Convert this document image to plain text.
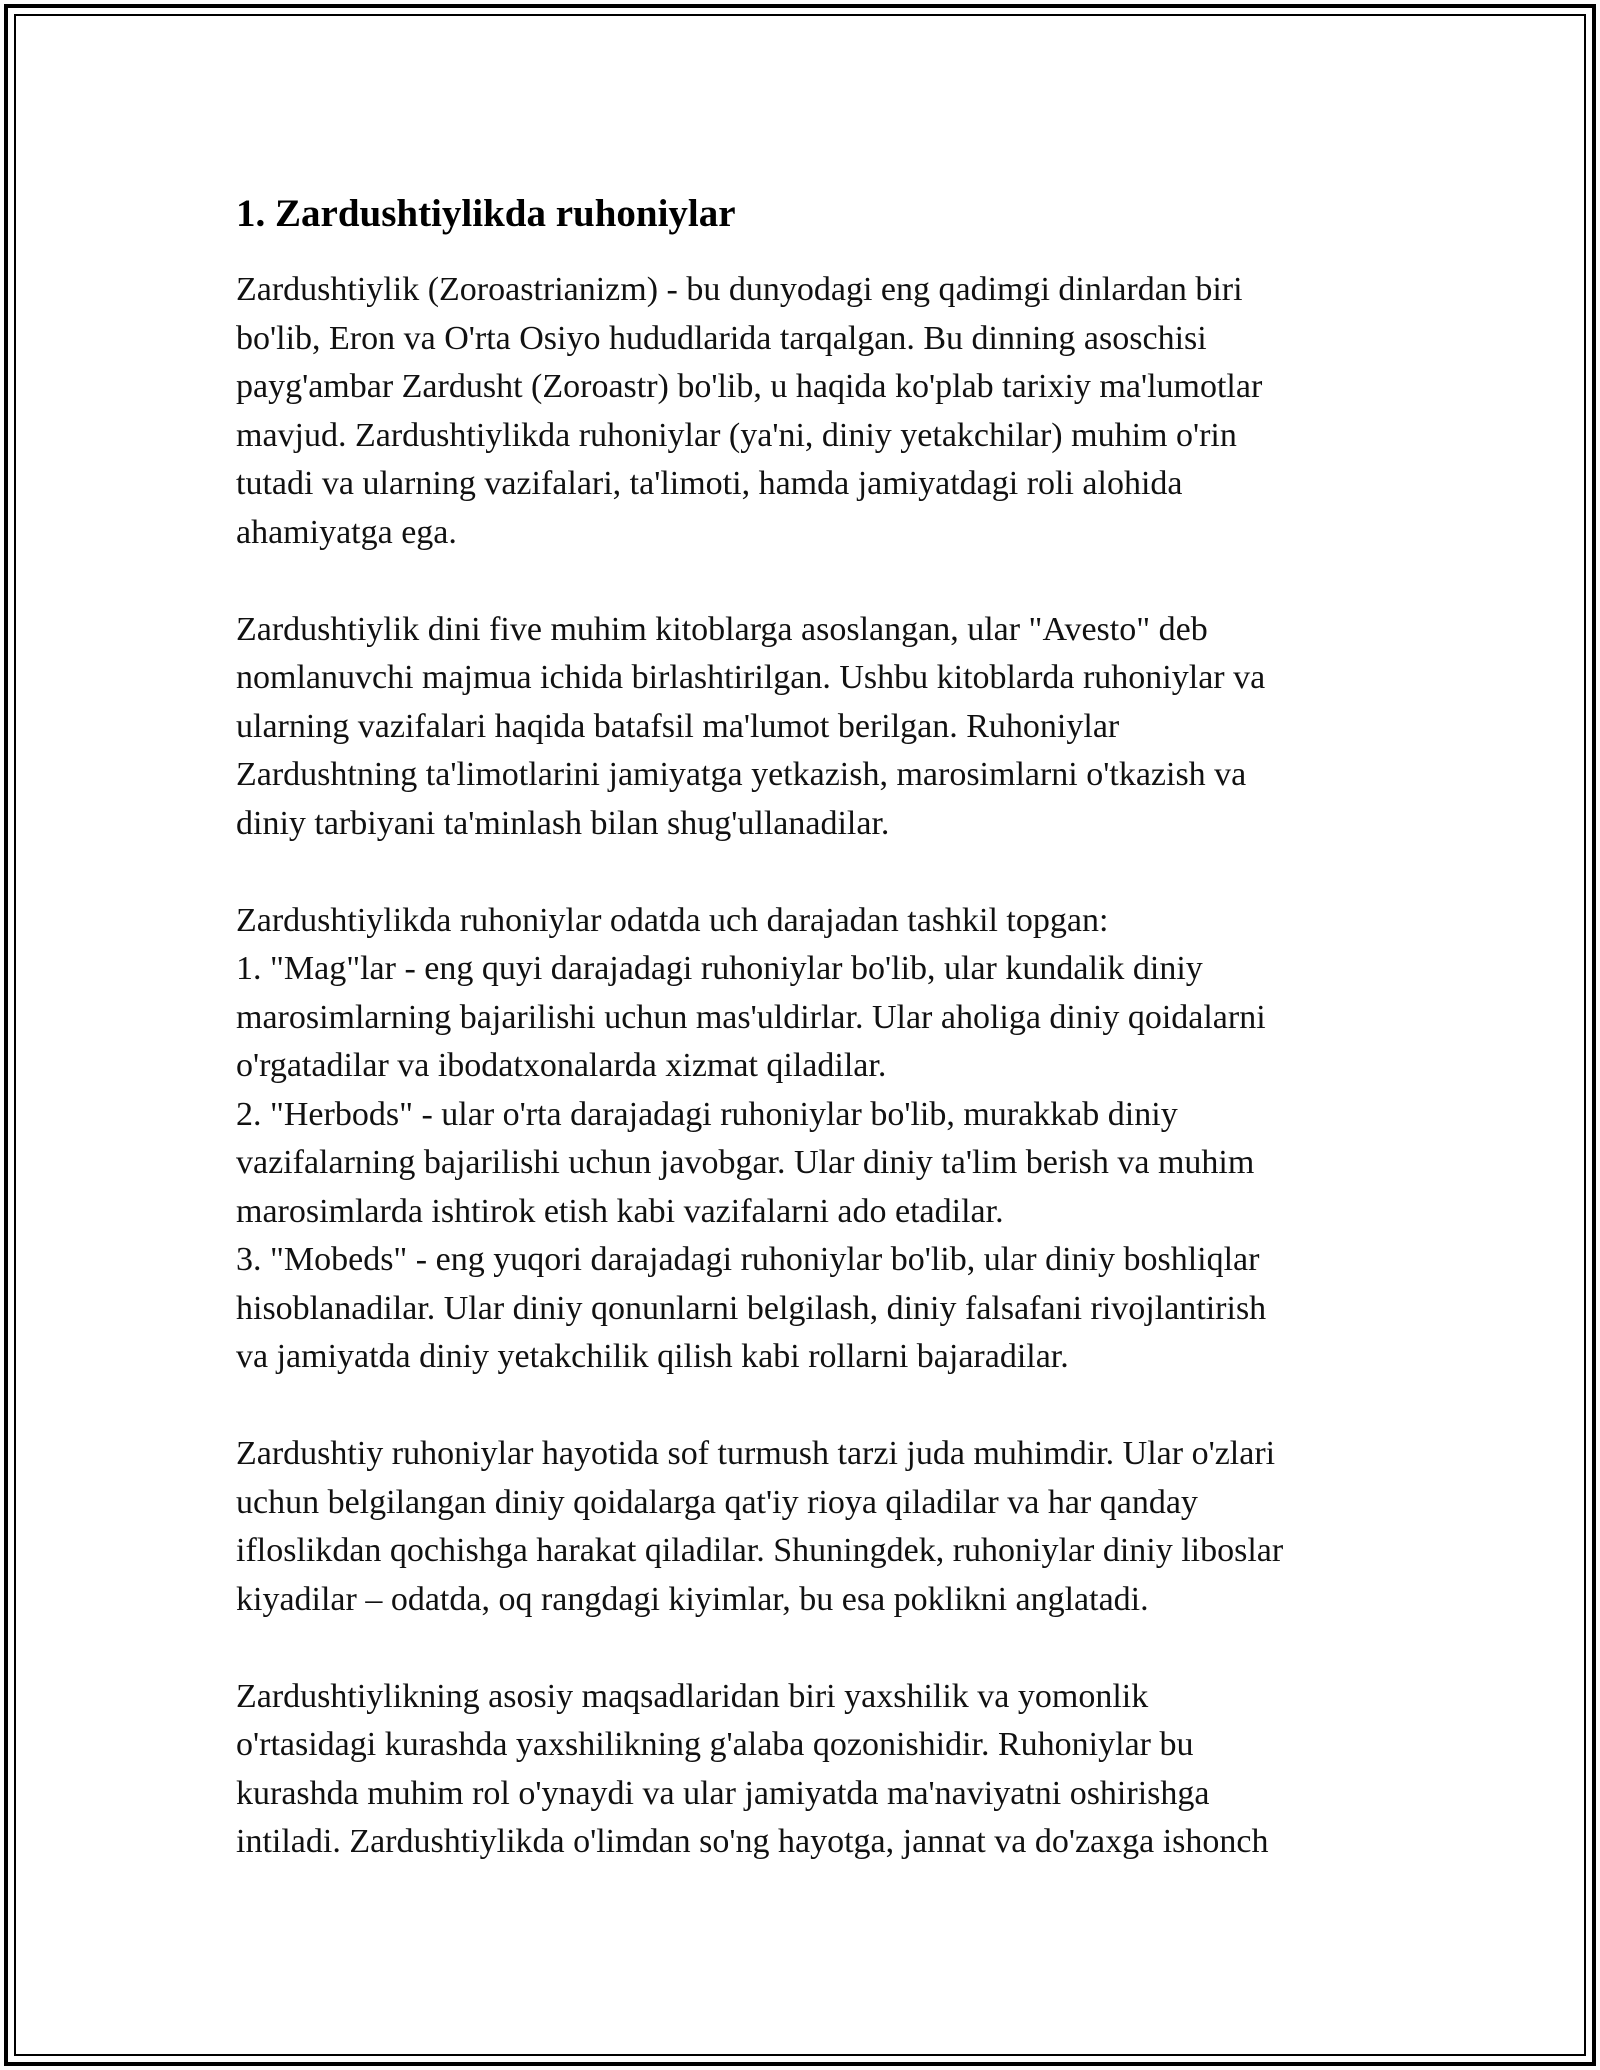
1. Zardushtiylikda ruhoniylar

Zardushtiylik (Zoroastrianizm) - bu dunyodagi eng qadimgi dinlardan biri
bo'lib, Eron va O'rta Osiyo hududlarida tarqalgan. Bu dinning asoschisi
payg'ambar Zardusht (Zoroastr) bo'lib, u haqida ko'plab tarixiy ma'lumotlar
mavjud. Zardushtiylikda ruhoniylar (ya'ni, diniy yetakchilar) muhim o'rin
tutadi va ularning vazifalari, ta'limoti, hamda jamiyatdagi roli alohida
ahamiyatga ega.

Zardushtiylik dini five muhim kitoblarga asoslangan, ular "Avesto" deb
nomlanuvchi majmua ichida birlashtirilgan. Ushbu kitoblarda ruhoniylar va
ularning vazifalari haqida batafsil ma'lumot berilgan. Ruhoniylar
Zardushtning ta'limotlarini jamiyatga yetkazish, marosimlarni o'tkazish va
diniy tarbiyani ta'minlash bilan shug'ullanadilar.

Zardushtiylikda ruhoniylar odatda uch darajadan tashkil topgan:
1. "Mag"lar - eng quyi darajadagi ruhoniylar bo'lib, ular kundalik diniy
marosimlarning bajarilishi uchun mas'uldirlar. Ular aholiga diniy qoidalarni
o'rgatadilar va ibodatxonalarda xizmat qiladilar.
2. "Herbods" - ular o'rta darajadagi ruhoniylar bo'lib, murakkab diniy
vazifalarning bajarilishi uchun javobgar. Ular diniy ta'lim berish va muhim
marosimlarda ishtirok etish kabi vazifalarni ado etadilar.
3. "Mobeds" - eng yuqori darajadagi ruhoniylar bo'lib, ular diniy boshliqlar
hisoblanadilar. Ular diniy qonunlarni belgilash, diniy falsafani rivojlantirish
va jamiyatda diniy yetakchilik qilish kabi rollarni bajaradilar.

Zardushtiy ruhoniylar hayotida sof turmush tarzi juda muhimdir. Ular o'zlari
uchun belgilangan diniy qoidalarga qat'iy rioya qiladilar va har qanday
ifloslikdan qochishga harakat qiladilar. Shuningdek, ruhoniylar diniy liboslar
kiyadilar – odatda, oq rangdagi kiyimlar, bu esa poklikni anglatadi.

Zardushtiylikning asosiy maqsadlaridan biri yaxshilik va yomonlik
o'rtasidagi kurashda yaxshilikning g'alaba qozonishidir. Ruhoniylar bu
kurashda muhim rol o'ynaydi va ular jamiyatda ma'naviyatni oshirishga
intiladi. Zardushtiylikda o'limdan so'ng hayotga, jannat va do'zaxga ishonch
